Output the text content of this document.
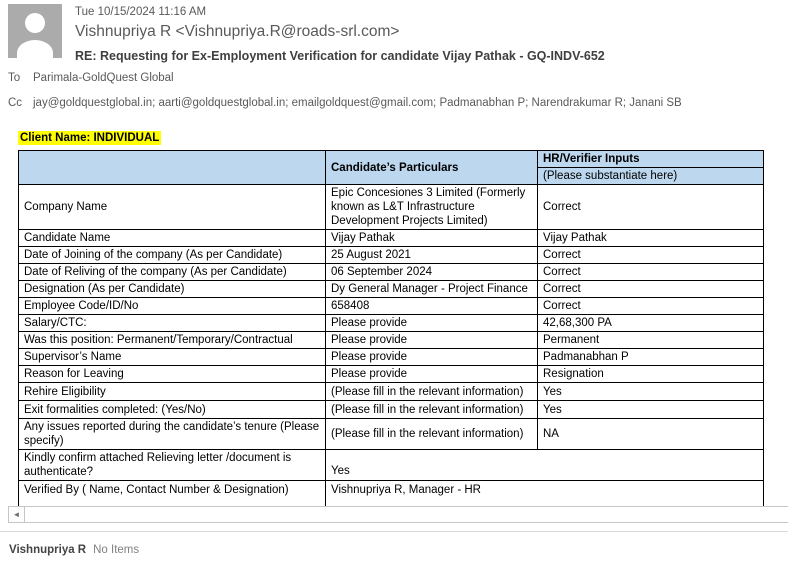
Tue 10/15/2024 11:16 AM
Vishnupriya R <Vishnupriya.R@roads-srl.com>
RE: Requesting for Ex-Employment Verification for candidate Vijay Pathak - GQ-INDV-652
To Parimala-GoldQuest Global
Cc jay@goldquestglobal.in; aarti@goldquestglobal.in; emailgoldquest@gmail.com; Padmanabhan P; Narendrakumar R; Janani SB
Client Name: INDIVIDUAL
	Candidate’s Particulars	HR/Verifier Inputs
		(Please substantiate here)
Company Name	Epic Concesiones 3 Limited (Formerly known as L&T Infrastructure Development Projects Limited)	Correct
Candidate Name	Vijay Pathak	Vijay Pathak
Date of Joining of the company (As per Candidate)	25 August 2021	Correct
Date of Reliving of the company (As per Candidate)	06 September 2024	Correct
Designation (As per Candidate)	Dy General Manager - Project Finance	Correct
Employee Code/ID/No	658408	Correct
Salary/CTC:	Please provide	42,68,300 PA
Was this position: Permanent/Temporary/Contractual	Please provide	Permanent
Supervisor’s Name	Please provide	Padmanabhan P
Reason for Leaving	Please provide	Resignation
Rehire Eligibility	(Please fill in the relevant information)	Yes
Exit formalities completed: (Yes/No)	(Please fill in the relevant information)	Yes
Any issues reported during the candidate’s tenure (Please specify)	(Please fill in the relevant information)	NA
Kindly confirm attached Relieving letter /document is authenticate?	Yes	
Verified By ( Name, Contact Number & Designation)	Vishnupriya R, Manager - HR	
◄
Vishnupriya R No Items
